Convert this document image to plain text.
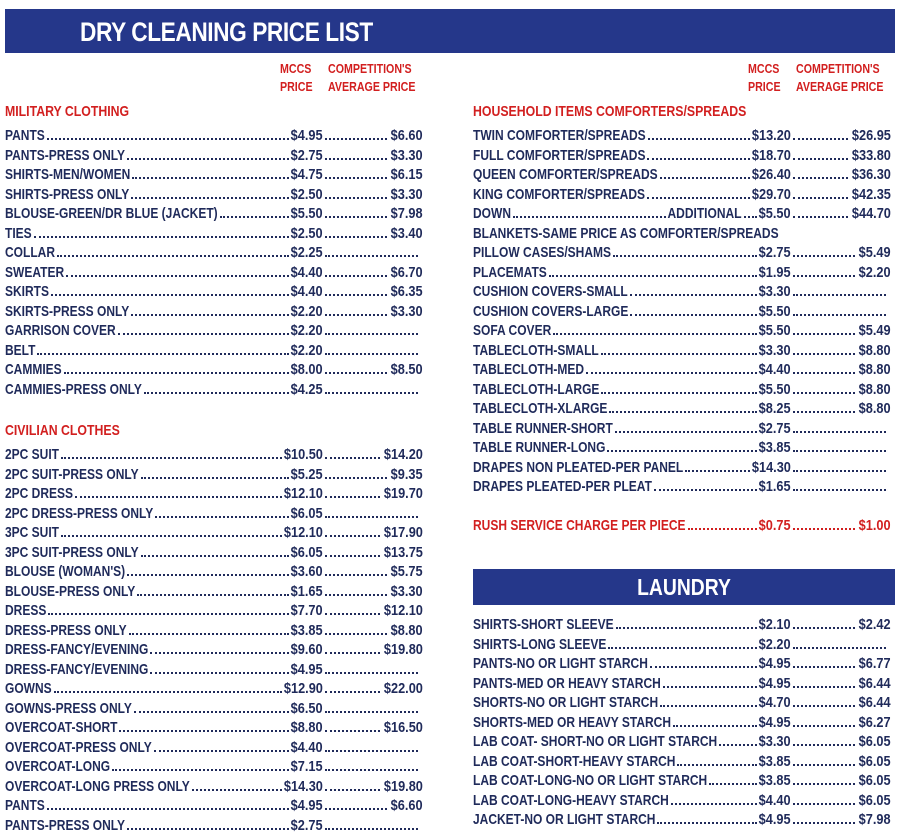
DRY CLEANING PRICE LIST
MCCS
PRICE
COMPETITION'S
AVERAGE PRICE
MILITARY CLOTHING
PANTS	$4.95	$6.60
PANTS-PRESS ONLY	$2.75	$3.30
SHIRTS-MEN/WOMEN	$4.75	$6.15
SHIRTS-PRESS ONLY	$2.50	$3.30
BLOUSE-GREEN/DR BLUE (JACKET)	$5.50	$7.98
TIES	$2.50	$3.40
COLLAR	$2.25
SWEATER	$4.40	$6.70
SKIRTS	$4.40	$6.35
SKIRTS-PRESS ONLY	$2.20	$3.30
GARRISON COVER	$2.20
BELT	$2.20
CAMMIES	$8.00	$8.50
CAMMIES-PRESS ONLY	$4.25
CIVILIAN CLOTHES
2PC SUIT	$10.50	$14.20
2PC SUIT-PRESS ONLY	$5.25	$9.35
2PC DRESS	$12.10	$19.70
2PC DRESS-PRESS ONLY	$6.05
3PC SUIT	$12.10	$17.90
3PC SUIT-PRESS ONLY	$6.05	$13.75
BLOUSE (WOMAN'S)	$3.60	$5.75
BLOUSE-PRESS ONLY	$1.65	$3.30
DRESS	$7.70	$12.10
DRESS-PRESS ONLY	$3.85	$8.80
DRESS-FANCY/EVENING	$9.60	$19.80
DRESS-FANCY/EVENING	$4.95
GOWNS	$12.90	$22.00
GOWNS-PRESS ONLY	$6.50
OVERCOAT-SHORT	$8.80	$16.50
OVERCOAT-PRESS ONLY	$4.40
OVERCOAT-LONG	$7.15
OVERCOAT-LONG PRESS ONLY	$14.30	$19.80
PANTS	$4.95	$6.60
PANTS-PRESS ONLY	$2.75
MCCS
PRICE
COMPETITION'S
AVERAGE PRICE
HOUSEHOLD ITEMS COMFORTERS/SPREADS
TWIN COMFORTER/SPREADS	$13.20	$26.95
FULL COMFORTER/SPREADS	$18.70	$33.80
QUEEN COMFORTER/SPREADS	$26.40	$36.30
KING COMFORTER/SPREADS	$29.70	$42.35
DOWN	ADDITIONAL	$5.50	$44.70
BLANKETS-SAME PRICE AS COMFORTER/SPREADS
PILLOW CASES/SHAMS	$2.75	$5.49
PLACEMATS	$1.95	$2.20
CUSHION COVERS-SMALL	$3.30
CUSHION COVERS-LARGE	$5.50
SOFA COVER	$5.50	$5.49
TABLECLOTH-SMALL	$3.30	$8.80
TABLECLOTH-MED	$4.40	$8.80
TABLECLOTH-LARGE	$5.50	$8.80
TABLECLOTH-XLARGE	$8.25	$8.80
TABLE RUNNER-SHORT	$2.75
TABLE RUNNER-LONG	$3.85
DRAPES NON PLEATED-PER PANEL	$14.30
DRAPES PLEATED-PER PLEAT	$1.65
RUSH SERVICE CHARGE PER PIECE	$0.75	$1.00
SHIRTS-SHORT SLEEVE	$2.10	$2.42
SHIRTS-LONG SLEEVE	$2.20
PANTS-NO OR LIGHT STARCH	$4.95	$6.77
PANTS-MED OR HEAVY STARCH	$4.95	$6.44
SHORTS-NO OR LIGHT STARCH	$4.70	$6.44
SHORTS-MED OR HEAVY STARCH	$4.95	$6.27
LAB COAT- SHORT-NO OR LIGHT STARCH	$3.30	$6.05
LAB COAT-SHORT-HEAVY STARCH	$3.85	$6.05
LAB COAT-LONG-NO OR LIGHT STARCH	$3.85	$6.05
LAB COAT-LONG-HEAVY STARCH	$4.40	$6.05
JACKET-NO OR LIGHT STARCH	$4.95	$7.98
LAUNDRY
